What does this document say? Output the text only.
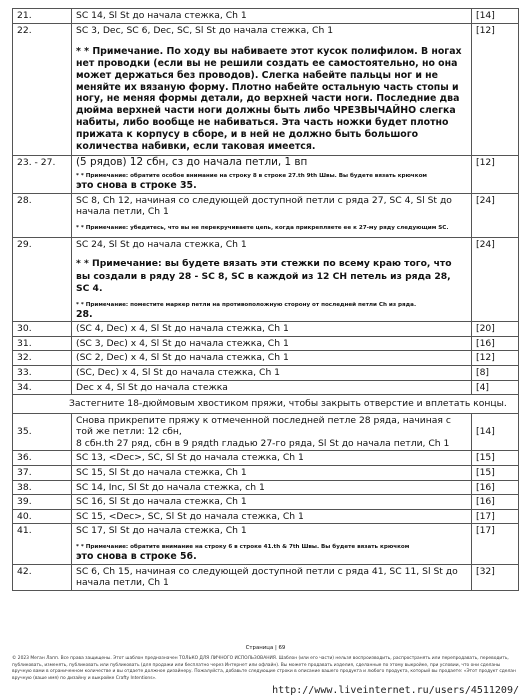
21.	SC 14, Sl St до начала стежка, Ch 1	[14]
22.	SC 3, Dec, SC 6, Dec, SC, Sl St до начала стежка, Ch 1
* * Примечание. По ходу вы набиваете этот кусок полифилом. В ногах нет проводки (если вы не решили создать ее самостоятельно, но она может держаться без проводов). Слегка набейте пальцы ног и не меняйте их вязаную форму. Плотно набейте остальную часть стопы и ногу, не меняя формы детали, до верхней части ноги. Последние два дюйма верхней части ноги должны быть либо ЧРЕЗВЫЧАЙНО слегка набиты, либо вообще не набиваться. Эта часть ножки будет плотно прижата к корпусу в сборе, и в ней не должно быть большого количества набивки, если таковая имеется.	[12]
23. - 27.	(5 рядов) 12 сбн, сз до начала петли, 1 вп
* * Примечание: обратите особое внимание на строку 8 в строке 27.th 9th Швы. Вы будете вязать крючком
это снова в строке 35.	[12]
28.	SC 8, Ch 12, начиная со следующей доступной петли с ряда 27, SC 4, Sl St до начала петли, Ch 1
* * Примечание: убедитесь, что вы не перекручиваете цепь, когда прикрепляете ее к 27-му ряду следующим SC.	[24]
29.	SC 24, Sl St до начала стежка, Ch 1
* * Примечание: вы будете вязать эти стежки по всему краю того, что вы создали в ряду 28 - SC 8, SC в каждой из 12 CH петель из ряда 28, SC 4.
* * Примечание: поместите маркер петли на противоположную сторону от последней петли Ch из ряда.
28.	[24]
30.	(SC 4, Dec) x 4, Sl St до начала стежка, Ch 1	[20]
31.	(SC 3, Dec) x 4, Sl St до начала стежка, Ch 1	[16]
32.	(SC 2, Dec) x 4, Sl St до начала стежка, Ch 1	[12]
33.	(SC, Dec) x 4, Sl St до начала стежка, Ch 1	[8]
34.	Dec x 4, Sl St до начала стежка	[4]
Застегните 18-дюймовым хвостиком пряжи, чтобы закрыть отверстие и вплетать концы.		
35.	Снова прикрепите пряжу к отмеченной последней петле 28 ряда, начиная с той же петли: 12 сбн,
8 сбн.th 27 ряд, сбн в 9 рядth гладью 27-го ряда, Sl St до начала петли, Ch 1	[14]
36.	SC 13, <Dec>, SC, Sl St до начала стежка, Ch 1	[15]
37.	SC 15, Sl St до начала стежка, Ch 1	[15]
38.	SC 14, Inc, Sl St до начала стежка, ch 1	[16]
39.	SC 16, Sl St до начала стежка, Ch 1	[16]
40.	SC 15, <Dec>, SC, Sl St до начала стежка, Ch 1	[17]
41.	SC 17, Sl St до начала стежка, Ch 1
* * Примечание: обратите внимание на строку 6 в строке 41.th & 7th Швы. Вы будете вязать крючком
это снова в строке 56.	[17]
42.	SC 6, Ch 15, начиная со следующей доступной петли с ряда 41, SC 11, Sl St до начала петли, Ch 1	[32]
Страница | 69
© 2023 Меган Лапп. Все права защищены. Этот шаблон предназначен ТОЛЬКО ДЛЯ ЛИЧНОГО ИСПОЛЬЗОВАНИЯ. Шаблон (или его части) нельзя воспроизводить, распространять или перепродавать, переводить, публиковать, изменять, публиковать или публиковать (для продажи или бесплатно через Интернет или офлайн). Вы можете продавать изделия, сделанные по этому выкройке, при условии, что они сделаны вручную вами в ограниченном количестве и вы отдаете должное дизайнеру. Пожалуйста, добавьте следующие строки в описание вашего продукта и любого продукта, который вы продаете: «Этот продукт сделан вручную (ваше имя) по дизайну и выкройке Crafty Intentions».
http://www.liveinternet.ru/users/4511209/
